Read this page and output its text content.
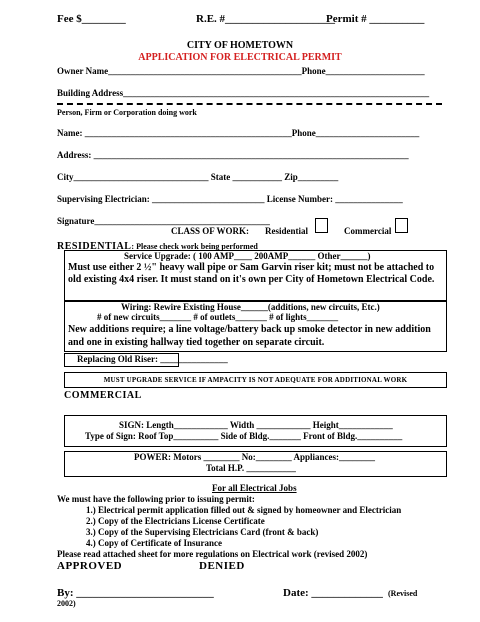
Fee $________	R.E. #____________________
Permit # __________
CITY OF HOMETOWN
APPLICATION FOR ELECTRICAL PERMIT
Owner Name___________________________________________Phone______________________
Building Address____________________________________________________________________
Person, Firm or Corporation doing work
Name: ______________________________________________Phone_______________________
Address: ______________________________________________________________________
City______________________________ State ___________ Zip_________
Supervising Electrician: _________________________ License Number: _______________
Signature_______________________________________
CLASS OF WORK: Residential	Commercial
RESIDENTIAL: Please check work being performed
Service Upgrade: ( 100 AMP____ 200AMP______ Other______)
Must use either 2 ½" heavy wall pipe or Sam Garvin riser kit; must not be attached to old existing 4x4 riser. It must stand on it's own per City of Hometown Electrical Code.
Wiring: Rewire Existing House______(additions, new circuits, Etc.)
# of new circuits_______ # of outlets_______ # of lights_______
New additions require; a line voltage/battery back up smoke detector in new addition and one in existing hallway tied together on separate circuit.
Replacing Old Riser: _______________
MUST UPGRADE SERVICE IF AMPACITY IS NOT ADEQUATE FOR ADDITIONAL WORK
COMMERCIAL
SIGN: Length____________ Width ____________ Height____________
Type of Sign: Roof Top__________ Side of Bldg._______ Front of Bldg.__________
POWER: Motors ________ No:________ Appliances:________
Total H.P. ___________
For all Electrical Jobs
We must have the following prior to issuing permit:
1.) Electrical permit application filled out & signed by homeowner and Electrician
2.) Copy of the Electricians License Certificate
3.) Copy of the Supervising Electricians Card (front & back)
4.) Copy of Certificate of Insurance
Please read attached sheet for more regulations on Electrical work (revised 2002)
APPROVED	DENIED
By: _________________________	Date: _____________ (Revised
2002)
